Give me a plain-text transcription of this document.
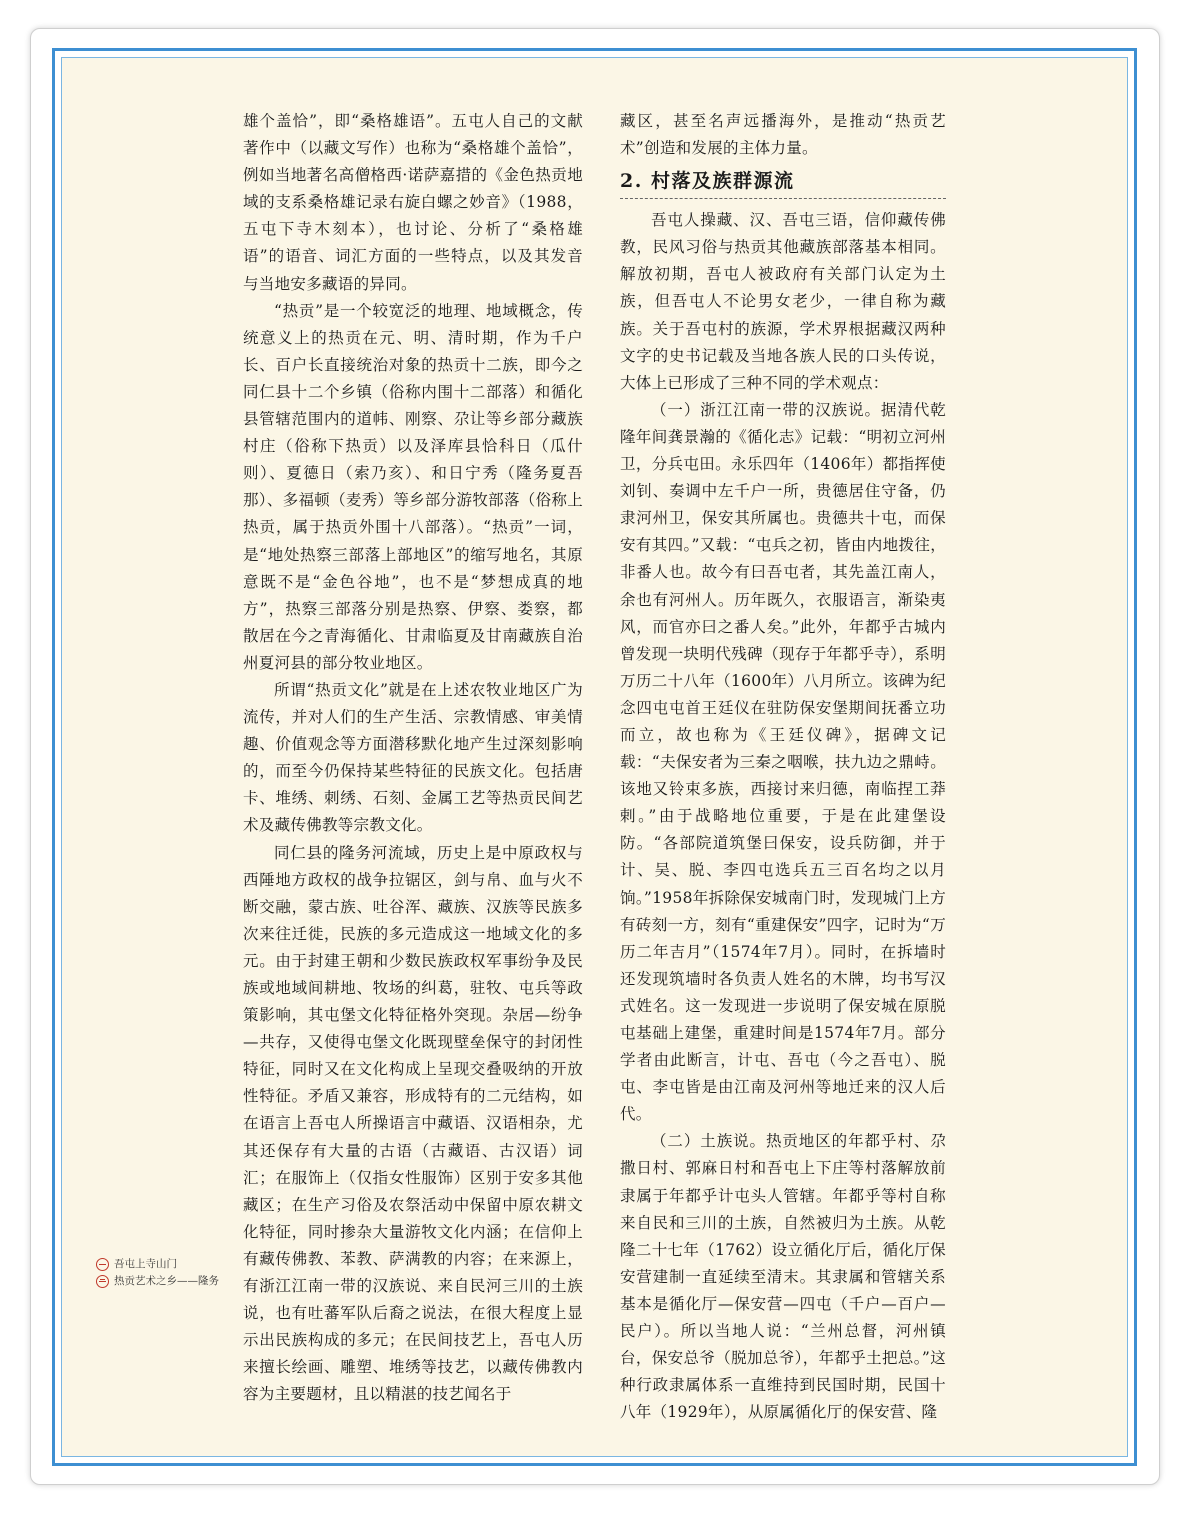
雄个盖恰”，即“桑格雄语”。五屯人自己的文献著作中（以藏文写作）也称为“桑格雄个盖恰”，例如当地著名高僧格西·诺萨嘉措的《金色热贡地域的支系桑格雄记录右旋白螺之妙音》（1988，五屯下寺木刻本），也讨论、分析了“桑格雄语”的语音、词汇方面的一些特点，以及其发音与当地安多藏语的异同。

“热贡”是一个较宽泛的地理、地域概念，传统意义上的热贡在元、明、清时期，作为千户长、百户长直接统治对象的热贡十二族，即今之同仁县十二个乡镇（俗称内围十二部落）和循化县管辖范围内的道帏、刚察、尕让等乡部分藏族村庄（俗称下热贡）以及泽库县恰科日（瓜什则）、夏德日（索乃亥）、和日宁秀（隆务夏吾那）、多福顿（麦秀）等乡部分游牧部落（俗称上热贡，属于热贡外围十八部落）。“热贡”一词，是“地处热察三部落上部地区”的缩写地名，其原意既不是“金色谷地”，也不是“梦想成真的地方”，热察三部落分别是热察、伊察、娄察，都散居在今之青海循化、甘肃临夏及甘南藏族自治州夏河县的部分牧业地区。

所谓“热贡文化”就是在上述农牧业地区广为流传，并对人们的生产生活、宗教情感、审美情趣、价值观念等方面潜移默化地产生过深刻影响的，而至今仍保持某些特征的民族文化。包括唐卡、堆绣、刺绣、石刻、金属工艺等热贡民间艺术及藏传佛教等宗教文化。

同仁县的隆务河流域，历史上是中原政权与西陲地方政权的战争拉锯区，剑与帛、血与火不断交融，蒙古族、吐谷浑、藏族、汉族等民族多次来往迁徙，民族的多元造成这一地域文化的多元。由于封建王朝和少数民族政权军事纷争及民族或地域间耕地、牧场的纠葛，驻牧、屯兵等政策影响，其屯堡文化特征格外突现。杂居—纷争—共存，又使得屯堡文化既现壁垒保守的封闭性特征，同时又在文化构成上呈现交叠吸纳的开放性特征。矛盾又兼容，形成特有的二元结构，如在语言上吾屯人所操语言中藏语、汉语相杂，尤其还保存有大量的古语（古藏语、古汉语）词汇；在服饰上（仅指女性服饰）区别于安多其他藏区；在生产习俗及农祭活动中保留中原农耕文化特征，同时掺杂大量游牧文化内涵；在信仰上有藏传佛教、苯教、萨满教的内容；在来源上，有浙江江南一带的汉族说、来自民河三川的土族说，也有吐蕃军队后裔之说法，在很大程度上显示出民族构成的多元；在民间技艺上，吾屯人历来擅长绘画、雕塑、堆绣等技艺，以藏传佛教内容为主要题材，且以精湛的技艺闻名于

藏区，甚至名声远播海外，是推动“热贡艺术”创造和发展的主体力量。

2. 村落及族群源流

吾屯人操藏、汉、吾屯三语，信仰藏传佛教，民风习俗与热贡其他藏族部落基本相同。解放初期，吾屯人被政府有关部门认定为土族，但吾屯人不论男女老少，一律自称为藏族。关于吾屯村的族源，学术界根据藏汉两种文字的史书记载及当地各族人民的口头传说，大体上已形成了三种不同的学术观点：

（一）浙江江南一带的汉族说。据清代乾隆年间龚景瀚的《循化志》记载：“明初立河州卫，分兵屯田。永乐四年（1406年）都指挥使刘钊、奏调中左千户一所，贵德居住守备，仍隶河州卫，保安其所属也。贵德共十屯，而保安有其四。”又载：“屯兵之初，皆由内地拨往，非番人也。故今有曰吾屯者，其先盖江南人，余也有河州人。历年既久，衣服语言，渐染夷风，而官亦曰之番人矣。”此外，年都乎古城内曾发现一块明代残碑（现存于年都乎寺），系明万历二十八年（1600年）八月所立。该碑为纪念四屯屯首王廷仪在驻防保安堡期间抚番立功而立，故也称为《王廷仪碑》，据碑文记载：“夫保安者为三秦之咽喉，扶九边之鼎峙。该地又铃束多族，西接讨来归德，南临捏工莽剌。”由于战略地位重要，于是在此建堡设防。“各部院道筑堡曰保安，设兵防御，并于计、吴、脱、李四屯选兵五三百名均之以月饷。”1958年拆除保安城南门时，发现城门上方有砖刻一方，刻有“重建保安”四字，记时为“万历二年吉月”（1574年7月）。同时，在拆墙时还发现筑墙时各负责人姓名的木牌，均书写汉式姓名。这一发现进一步说明了保安城在原脱屯基础上建堡，重建时间是1574年7月。部分学者由此断言，计屯、吾屯（今之吾屯）、脱屯、李屯皆是由江南及河州等地迁来的汉人后代。

（二）土族说。热贡地区的年都乎村、尕撒日村、郭麻日村和吾屯上下庄等村落解放前隶属于年都乎计屯头人管辖。年都乎等村自称来自民和三川的土族，自然被归为土族。从乾隆二十七年（1762）设立循化厅后，循化厅保安营建制一直延续至清末。其隶属和管辖关系基本是循化厅—保安营—四屯（千户—百户—民户）。所以当地人说：“兰州总督，河州镇台，保安总爷（脱加总爷），年都乎土把总。”这种行政隶属体系一直维持到民国时期，民国十八年（1929年），从原属循化厅的保安营、隆

吾屯上寺山门
热贡艺术之乡——隆务
